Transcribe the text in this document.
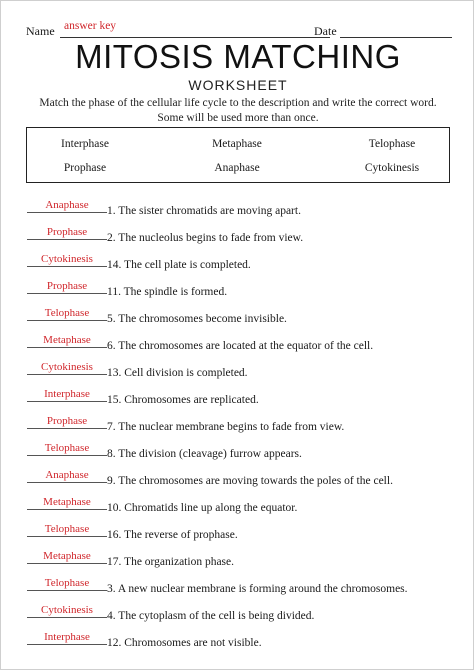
Name answer key	Date
MITOSIS MATCHING
WORKSHEET
Match the phase of the cellular life cycle to the description and write the correct word. Some will be used more than once.
Interphase	Metaphase	Telophase
Prophase	Anaphase	Cytokinesis
Anaphase	1. The sister chromatids are moving apart.
Prophase	2. The nucleolus begins to fade from view.
Cytokinesis	14. The cell plate is completed.
Prophase	11. The spindle is formed.
Telophase	5. The chromosomes become invisible.
Metaphase	6. The chromosomes are located at the equator of the cell.
Cytokinesis	13. Cell division is completed.
Interphase	15. Chromosomes are replicated.
Prophase	7. The nuclear membrane begins to fade from view.
Telophase	8. The division (cleavage) furrow appears.
Anaphase	9. The chromosomes are moving towards the poles of the cell.
Metaphase	10. Chromatids line up along the equator.
Telophase	16. The reverse of prophase.
Metaphase	17. The organization phase.
Telophase	3. A new nuclear membrane is forming around the chromosomes.
Cytokinesis	4. The cytoplasm of the cell is being divided.
Interphase	12. Chromosomes are not visible.
